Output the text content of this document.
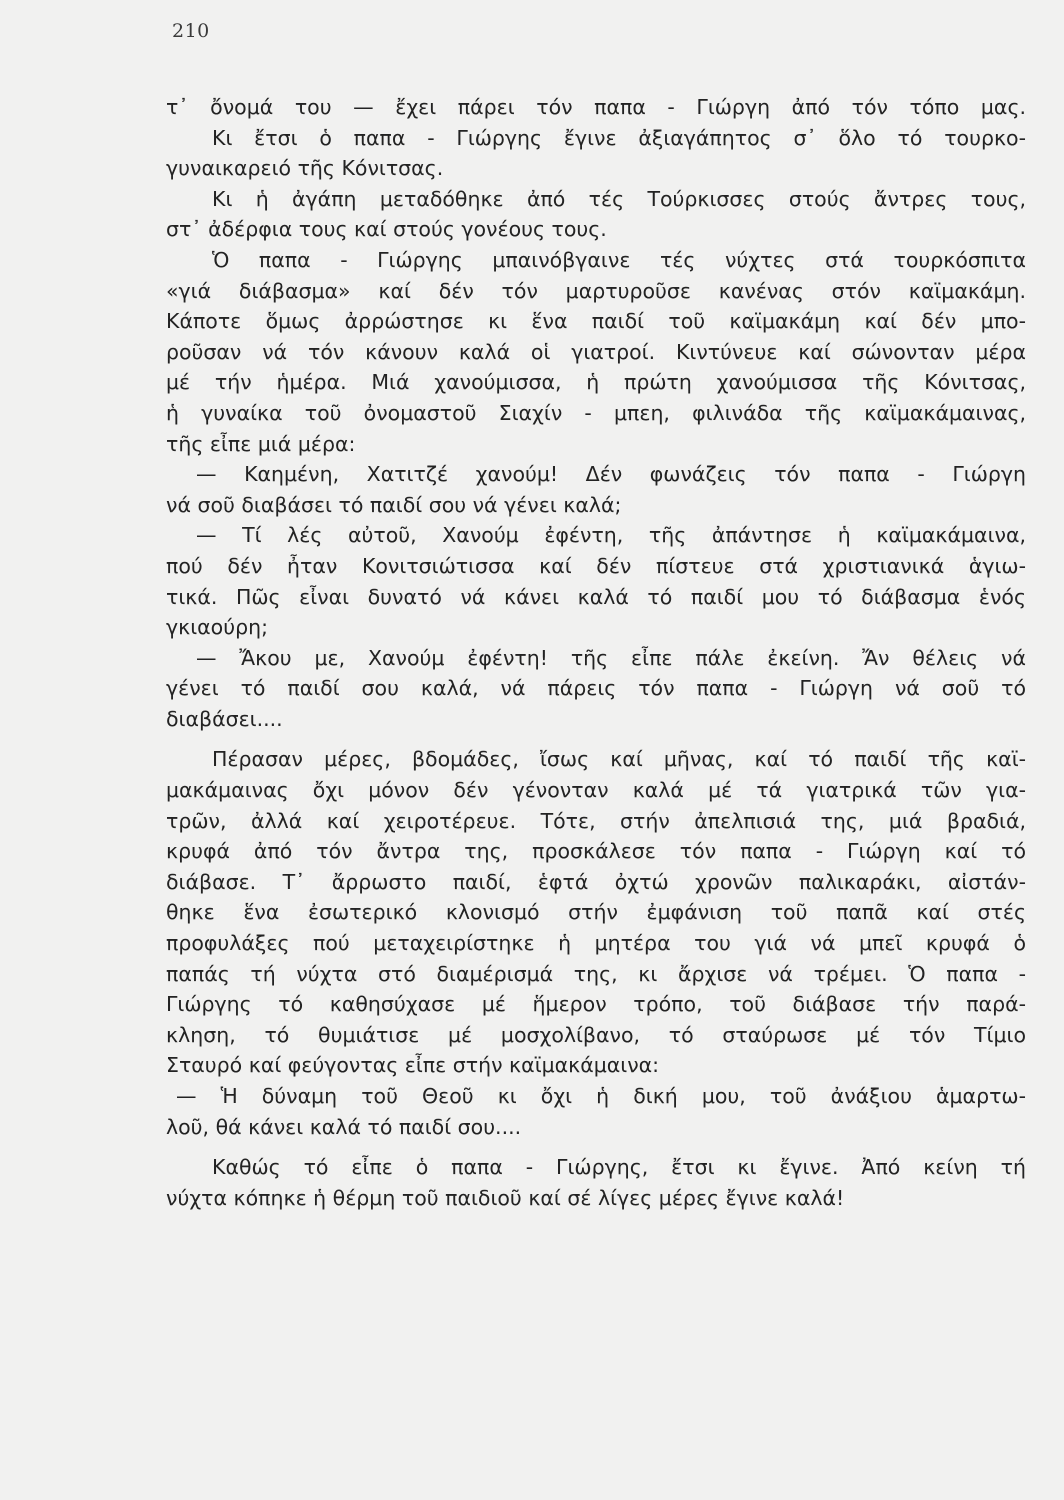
210
τ᾽ ὄνομά του — ἔχει πάρει τόν παπα - Γιώργη ἀπό τόν τόπο μας.
Κι ἔτσι ὁ παπα - Γιώργης ἔγινε ἀξιαγάπητος σ᾽ ὅλο τό τουρκο-
γυναικαρειό τῆς Κόνιτσας.
Κι ἡ ἀγάπη μεταδόθηκε ἀπό τές Τούρκισσες στούς ἄντρες τους,
στ᾽ ἀδέρφια τους καί στούς γονέους τους.
Ὁ παπα - Γιώργης μπαινόβγαινε τές νύχτες στά τουρκόσπιτα
«γιά διάβασμα» καί δέν τόν μαρτυροῦσε κανένας στόν καϊμακάμη.
Κάποτε ὅμως ἀρρώστησε κι ἕνα παιδί τοῦ καϊμακάμη καί δέν μπο-
ροῦσαν νά τόν κάνουν καλά οἱ γιατροί. Κιντύνευε καί σώνονταν μέρα
μέ τήν ἡμέρα. Μιά χανούμισσα, ἡ πρώτη χανούμισσα τῆς Κόνιτσας,
ἡ γυναίκα τοῦ ὀνομαστοῦ Σιαχίν - μπεη, φιλινάδα τῆς καϊμακάμαινας,
τῆς εἶπε μιά μέρα:
— Καημένη, Χατιτζέ χανούμ! Δέν φωνάζεις τόν παπα - Γιώργη
νά σοῦ διαβάσει τό παιδί σου νά γένει καλά;
— Τί λές αὐτοῦ, Χανούμ ἐφέντη, τῆς ἀπάντησε ἡ καϊμακάμαινα,
πού δέν ἦταν Κονιτσιώτισσα καί δέν πίστευε στά χριστιανικά ἁγιω-
τικά. Πῶς εἶναι δυνατό νά κάνει καλά τό παιδί μου τό διάβασμα ἑνός
γκιαούρη;
— Ἄκου με, Χανούμ ἐφέντη! τῆς εἶπε πάλε ἐκείνη. Ἄν θέλεις νά
γένει τό παιδί σου καλά, νά πάρεις τόν παπα - Γιώργη νά σοῦ τό
διαβάσει....
Πέρασαν μέρες, βδομάδες, ἴσως καί μῆνας, καί τό παιδί τῆς καϊ-
μακάμαινας ὄχι μόνον δέν γένονταν καλά μέ τά γιατρικά τῶν για-
τρῶν, ἀλλά καί χειροτέρευε. Τότε, στήν ἀπελπισιά της, μιά βραδιά,
κρυφά ἀπό τόν ἄντρα της, προσκάλεσε τόν παπα - Γιώργη καί τό
διάβασε. Τ᾽ ἄρρωστο παιδί, ἑφτά ὀχτώ χρονῶν παλικαράκι, αἰστάν-
θηκε ἕνα ἐσωτερικό κλονισμό στήν ἐμφάνιση τοῦ παπᾶ καί στές
προφυλάξες πού μεταχειρίστηκε ἡ μητέρα του γιά νά μπεῖ κρυφά ὁ
παπάς τή νύχτα στό διαμέρισμά της, κι ἄρχισε νά τρέμει. Ὁ παπα -
Γιώργης τό καθησύχασε μέ ἥμερον τρόπο, τοῦ διάβασε τήν παρά-
κληση, τό θυμιάτισε μέ μοσχολίβανο, τό σταύρωσε μέ τόν Τίμιο
Σταυρό καί φεύγοντας εἶπε στήν καϊμακάμαινα:
— Ἡ δύναμη τοῦ Θεοῦ κι ὄχι ἡ δική μου, τοῦ ἀνάξιου ἁμαρτω-
λοῦ, θά κάνει καλά τό παιδί σου....
Καθώς τό εἶπε ὁ παπα - Γιώργης, ἔτσι κι ἔγινε. Ἀπό κείνη τή
νύχτα κόπηκε ἡ θέρμη τοῦ παιδιοῦ καί σέ λίγες μέρες ἔγινε καλά!
